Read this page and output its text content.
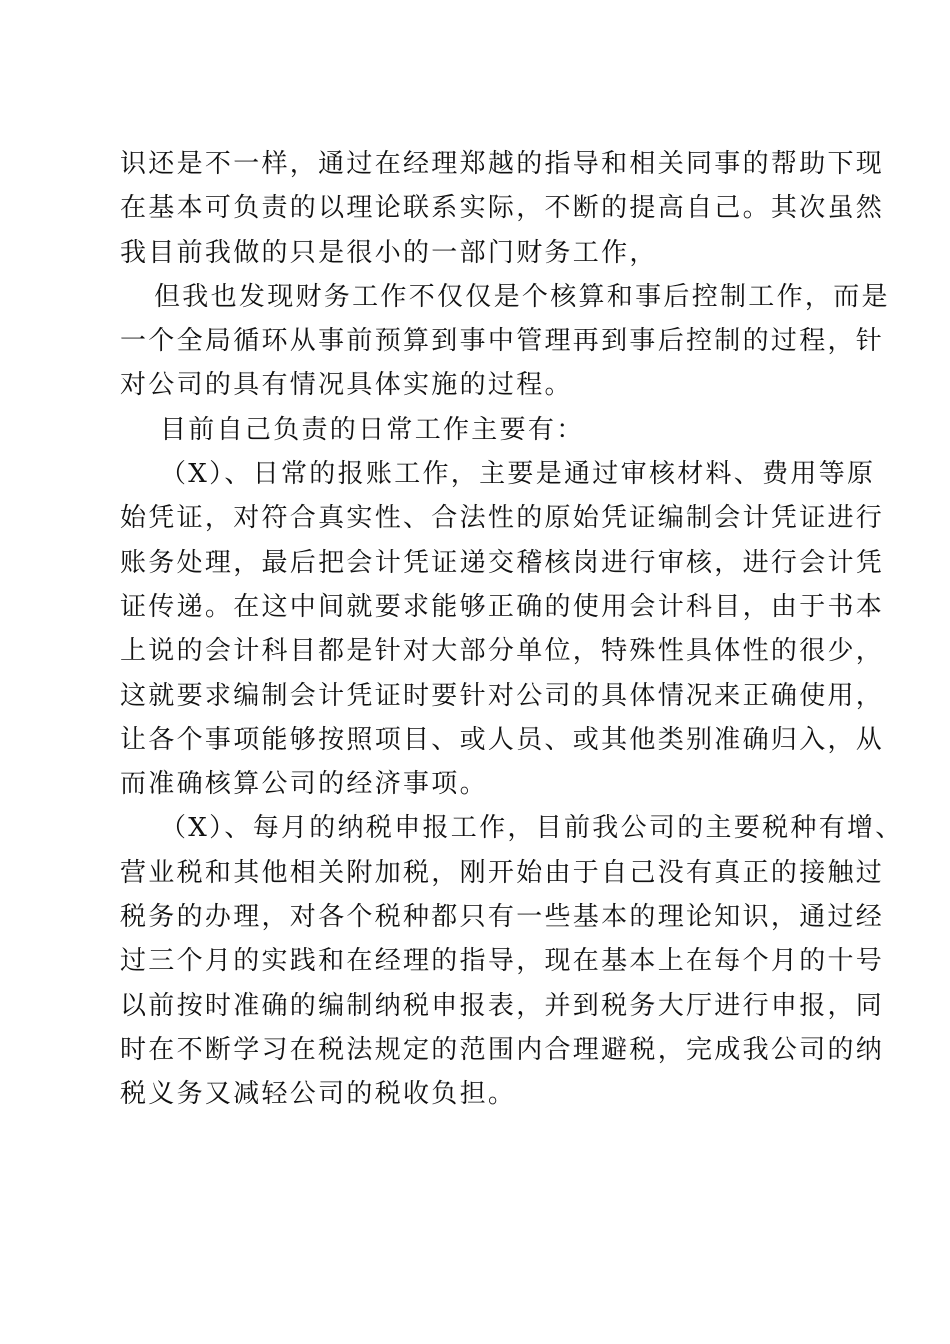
识还是不一样，通过在经理郑越的指导和相关同事的帮助下现
在基本可负责的以理论联系实际，不断的提高自己。其次虽然
我目前我做的只是很小的一部门财务工作，
但我也发现财务工作不仅仅是个核算和事后控制工作，而是
一个全局循环从事前预算到事中管理再到事后控制的过程，针
对公司的具有情况具体实施的过程。
目前自己负责的日常工作主要有：
（X）、日常的报账工作，主要是通过审核材料、费用等原
始凭证，对符合真实性、合法性的原始凭证编制会计凭证进行
账务处理，最后把会计凭证递交稽核岗进行审核，进行会计凭
证传递。在这中间就要求能够正确的使用会计科目，由于书本
上说的会计科目都是针对大部分单位，特殊性具体性的很少，
这就要求编制会计凭证时要针对公司的具体情况来正确使用，
让各个事项能够按照项目、或人员、或其他类别准确归入，从
而准确核算公司的经济事项。
（X）、每月的纳税申报工作，目前我公司的主要税种有增、
营业税和其他相关附加税，刚开始由于自己没有真正的接触过
税务的办理，对各个税种都只有一些基本的理论知识，通过经
过三个月的实践和在经理的指导，现在基本上在每个月的十号
以前按时准确的编制纳税申报表，并到税务大厅进行申报，同
时在不断学习在税法规定的范围内合理避税，完成我公司的纳
税义务又减轻公司的税收负担。
